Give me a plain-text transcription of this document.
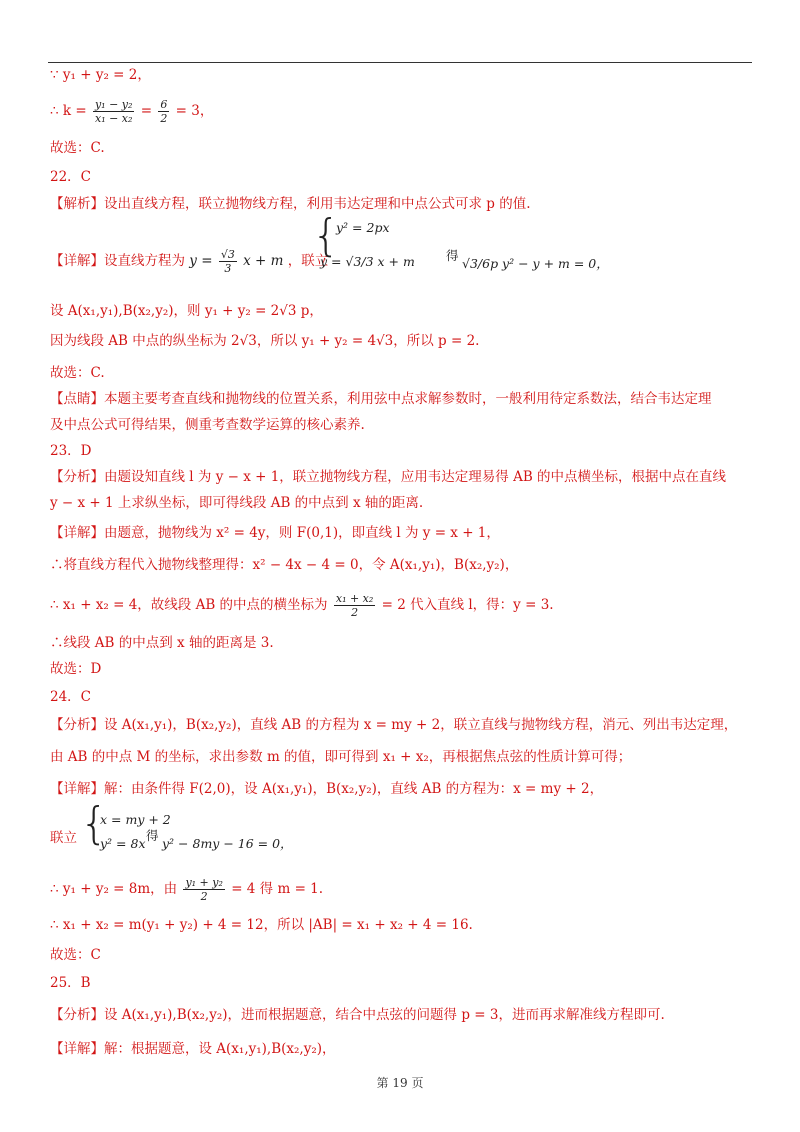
∵ y₁ + y₂ = 2，
∴ $k = \frac{\text{y₁ − y₂}}{\text{x₁ − x₂}} = \frac{6}{2} = 3$，
故选：C.
22．C
【解析】设出直线方程，联立抛物线方程，利用韦达定理和中点公式可求 p 的值.
【详解】设直线方程为 $y = \frac{√3}{3}$ x + m ，联立
{
y² = 2px
y = √3/3 x + m 得
√3/6p y² − y + m = 0，
设 A(x₁,y₁),B(x₂,y₂)，则 y₁ + y₂ = 2√3 p，
因为线段 AB 中点的纵坐标为 2√3，所以 y₁ + y₂ = 4√3，所以 p = 2.
故选：C.
【点睛】本题主要考查直线和抛物线的位置关系，利用弦中点求解参数时，一般利用待定系数法，结合韦达定理
及中点公式可得结果，侧重考查数学运算的核心素养.
23．D
【分析】由题设知直线 l 为 y − x + 1，联立抛物线方程，应用韦达定理易得 AB 的中点横坐标，根据中点在直线
y − x + 1 上求纵坐标，即可得线段 AB 的中点到 x 轴的距离.
【详解】由题意，抛物线为 x² = 4y，则 F(0,1)，即直线 l 为 y = x + 1，
∴将直线方程代入抛物线整理得：x² − 4x − 4 = 0，令 A(x₁,y₁)，B(x₂,y₂)，
∴ x₁ + x₂ = 4，故线段 AB 的中点的横坐标为 $\frac{\text{x₁ + x₂}}{2} = 2$ 代入直线 l，得：y = 3.
∴线段 AB 的中点到 x 轴的距离是 3.
故选：D
24．C
【分析】设 A(x₁,y₁)，B(x₂,y₂)，直线 AB 的方程为 x = my + 2，联立直线与抛物线方程，消元、列出韦达定理，
由 AB 的中点 M 的坐标，求出参数 m 的值，即可得到 x₁ + x₂，再根据焦点弦的性质计算可得；
【详解】解：由条件得 F(2,0)，设 A(x₁,y₁)，B(x₂,y₂)，直线 AB 的方程为：x = my + 2，
联立 {
x = my + 2
y² = 8x
得
y² − 8my − 16 = 0，
∴ y₁ + y₂ = 8m，由 $\frac{\text{y₁ + y₂}}{2} = 4$ 得 m = 1.
∴ x₁ + x₂ = m(y₁ + y₂) + 4 = 12，所以 |AB| = x₁ + x₂ + 4 = 16.
故选：C
25．B
【分析】设 A(x₁,y₁),B(x₂,y₂)，进而根据题意，结合中点弦的问题得 p = 3，进而再求解准线方程即可.
【详解】解：根据题意，设 A(x₁,y₁),B(x₂,y₂)，
第 19 页
